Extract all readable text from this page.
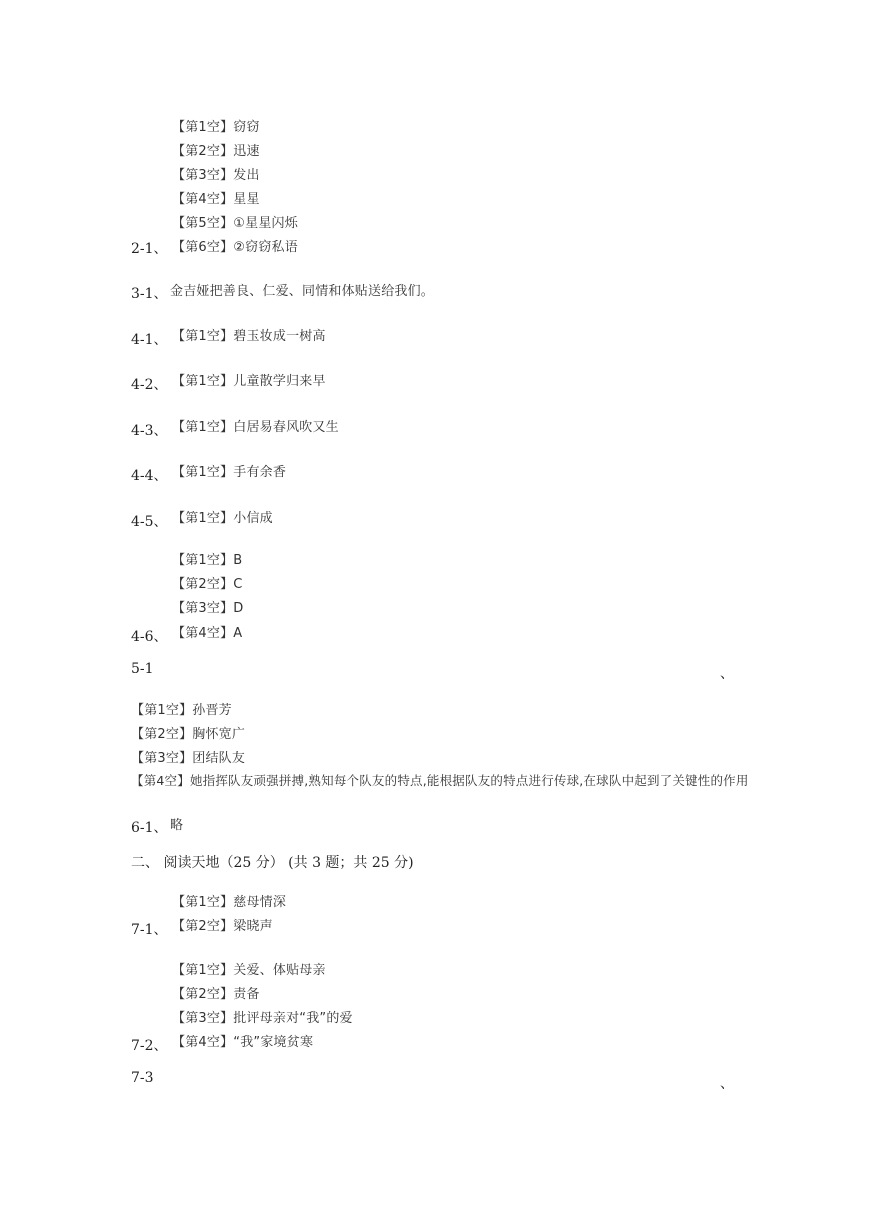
【第1空】窃窃
【第2空】迅速
【第3空】发出
【第4空】星星
【第5空】①星星闪烁
2-1、 【第6空】②窃窃私语
3-1、 金吉娅把善良、仁爱、同情和体贴送给我们。
4-1、 【第1空】碧玉妆成一树高
4-2、 【第1空】儿童散学归来早
4-3、 【第1空】白居易春风吹又生
4-4、 【第1空】手有余香
4-5、 【第1空】小信成
【第1空】B
【第2空】C
【第3空】D
4-6、 【第4空】A
5-1	、
【第1空】孙晋芳
【第2空】胸怀宽广
【第3空】团结队友
【第4空】她指挥队友顽强拼搏,熟知每个队友的特点,能根据队友的特点进行传球,在球队中起到了关键性的作用
6-1、 略
二、 阅读天地（25 分） (共 3 题；共 25 分)
【第1空】慈母情深
7-1、 【第2空】梁晓声
【第1空】关爱、体贴母亲
【第2空】责备
【第3空】批评母亲对“我”的爱
7-2、 【第4空】“我”家境贫寒
7-3	、
